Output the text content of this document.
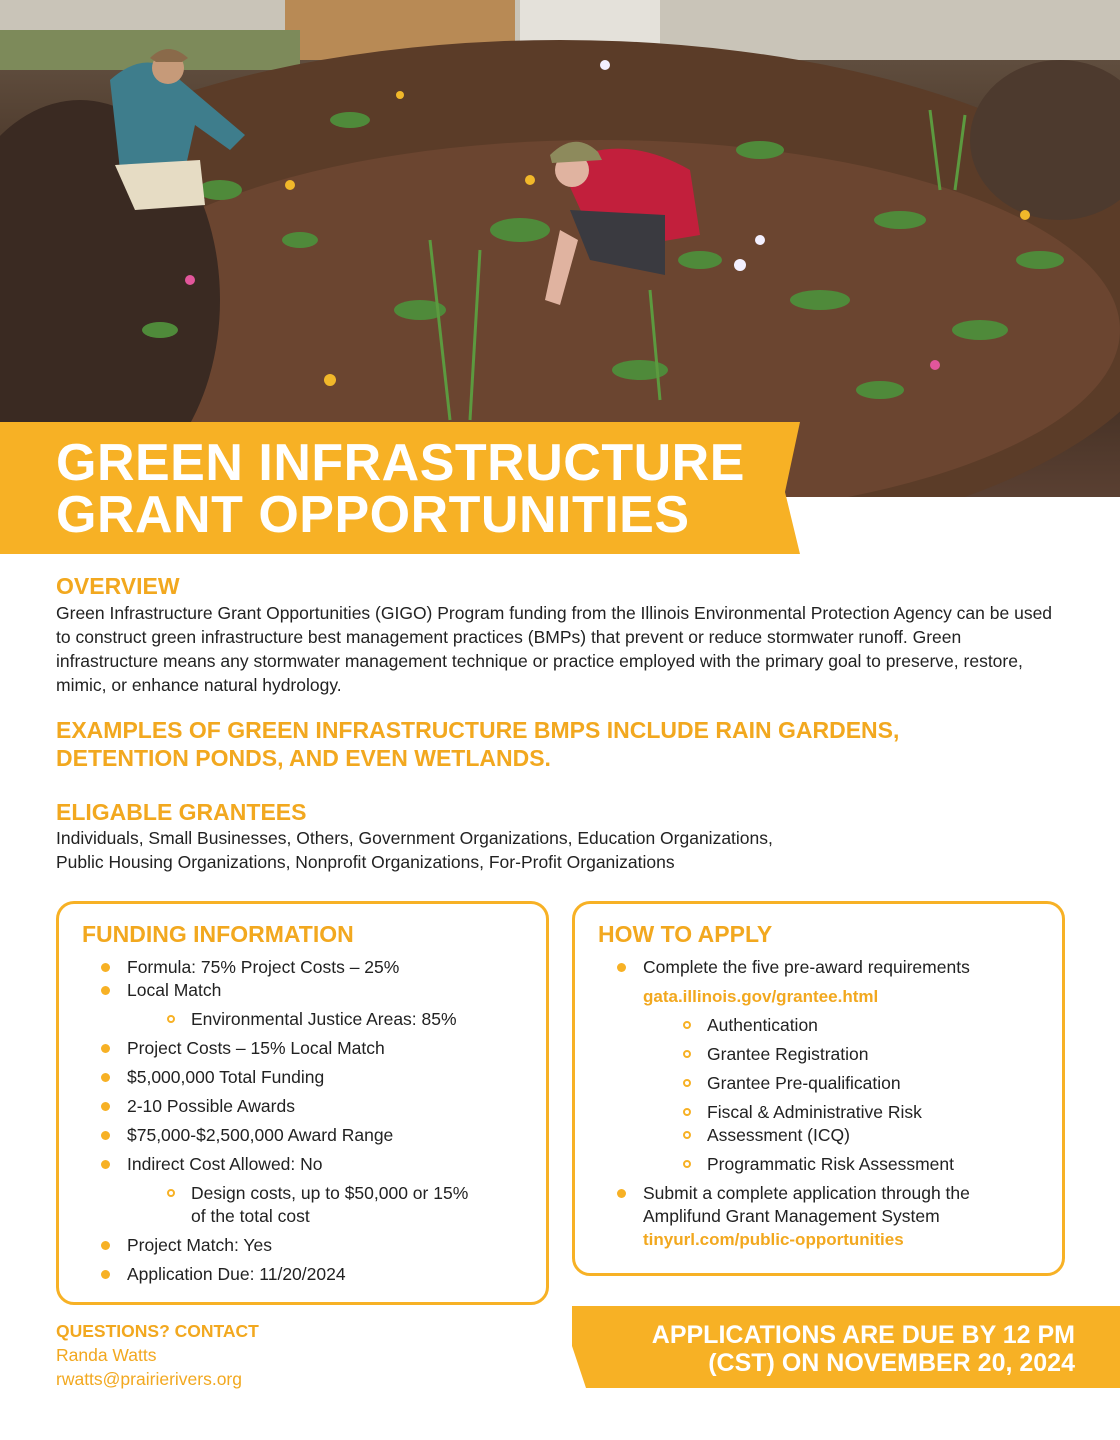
GREEN INFRASTRUCTURE
GRANT OPPORTUNITIES
OVERVIEW

Green Infrastructure Grant Opportunities (GIGO) Program funding from the Illinois Environmental Protection Agency can be used to construct green infrastructure best management practices (BMPs) that prevent or reduce stormwater runoff. Green infrastructure means any stormwater management technique or practice employed with the primary goal to preserve, restore, mimic, or enhance natural hydrology.

EXAMPLES OF GREEN INFRASTRUCTURE BMPS INCLUDE RAIN GARDENS,
DETENTION PONDS, AND EVEN WETLANDS.

ELIGABLE GRANTEES

Individuals, Small Businesses, Others, Government Organizations, Education Organizations,
Public Housing Organizations, Nonprofit Organizations, For-Profit Organizations

FUNDING INFORMATION
Formula: 75% Project Costs – 25%
Local Match
Environmental Justice Areas: 85%
Project Costs – 15% Local Match
$5,000,000 Total Funding
2-10 Possible Awards
$75,000-$2,500,000 Award Range
Indirect Cost Allowed: No
Design costs, up to $50,000 or 15%
of the total cost
Project Match: Yes
Application Due: 11/20/2024
HOW TO APPLY
Complete the five pre-award requirements
gata.illinois.gov/grantee.html
Authentication
Grantee Registration
Grantee Pre-qualification
Fiscal & Administrative Risk
Assessment (ICQ)
Programmatic Risk Assessment
Submit a complete application through the
Amplifund Grant Management System
tinyurl.com/public-opportunities
QUESTIONS? CONTACT
Randa Watts
rwatts@prairierivers.org

APPLICATIONS ARE DUE BY 12 PM
(CST) ON NOVEMBER 20, 2024
